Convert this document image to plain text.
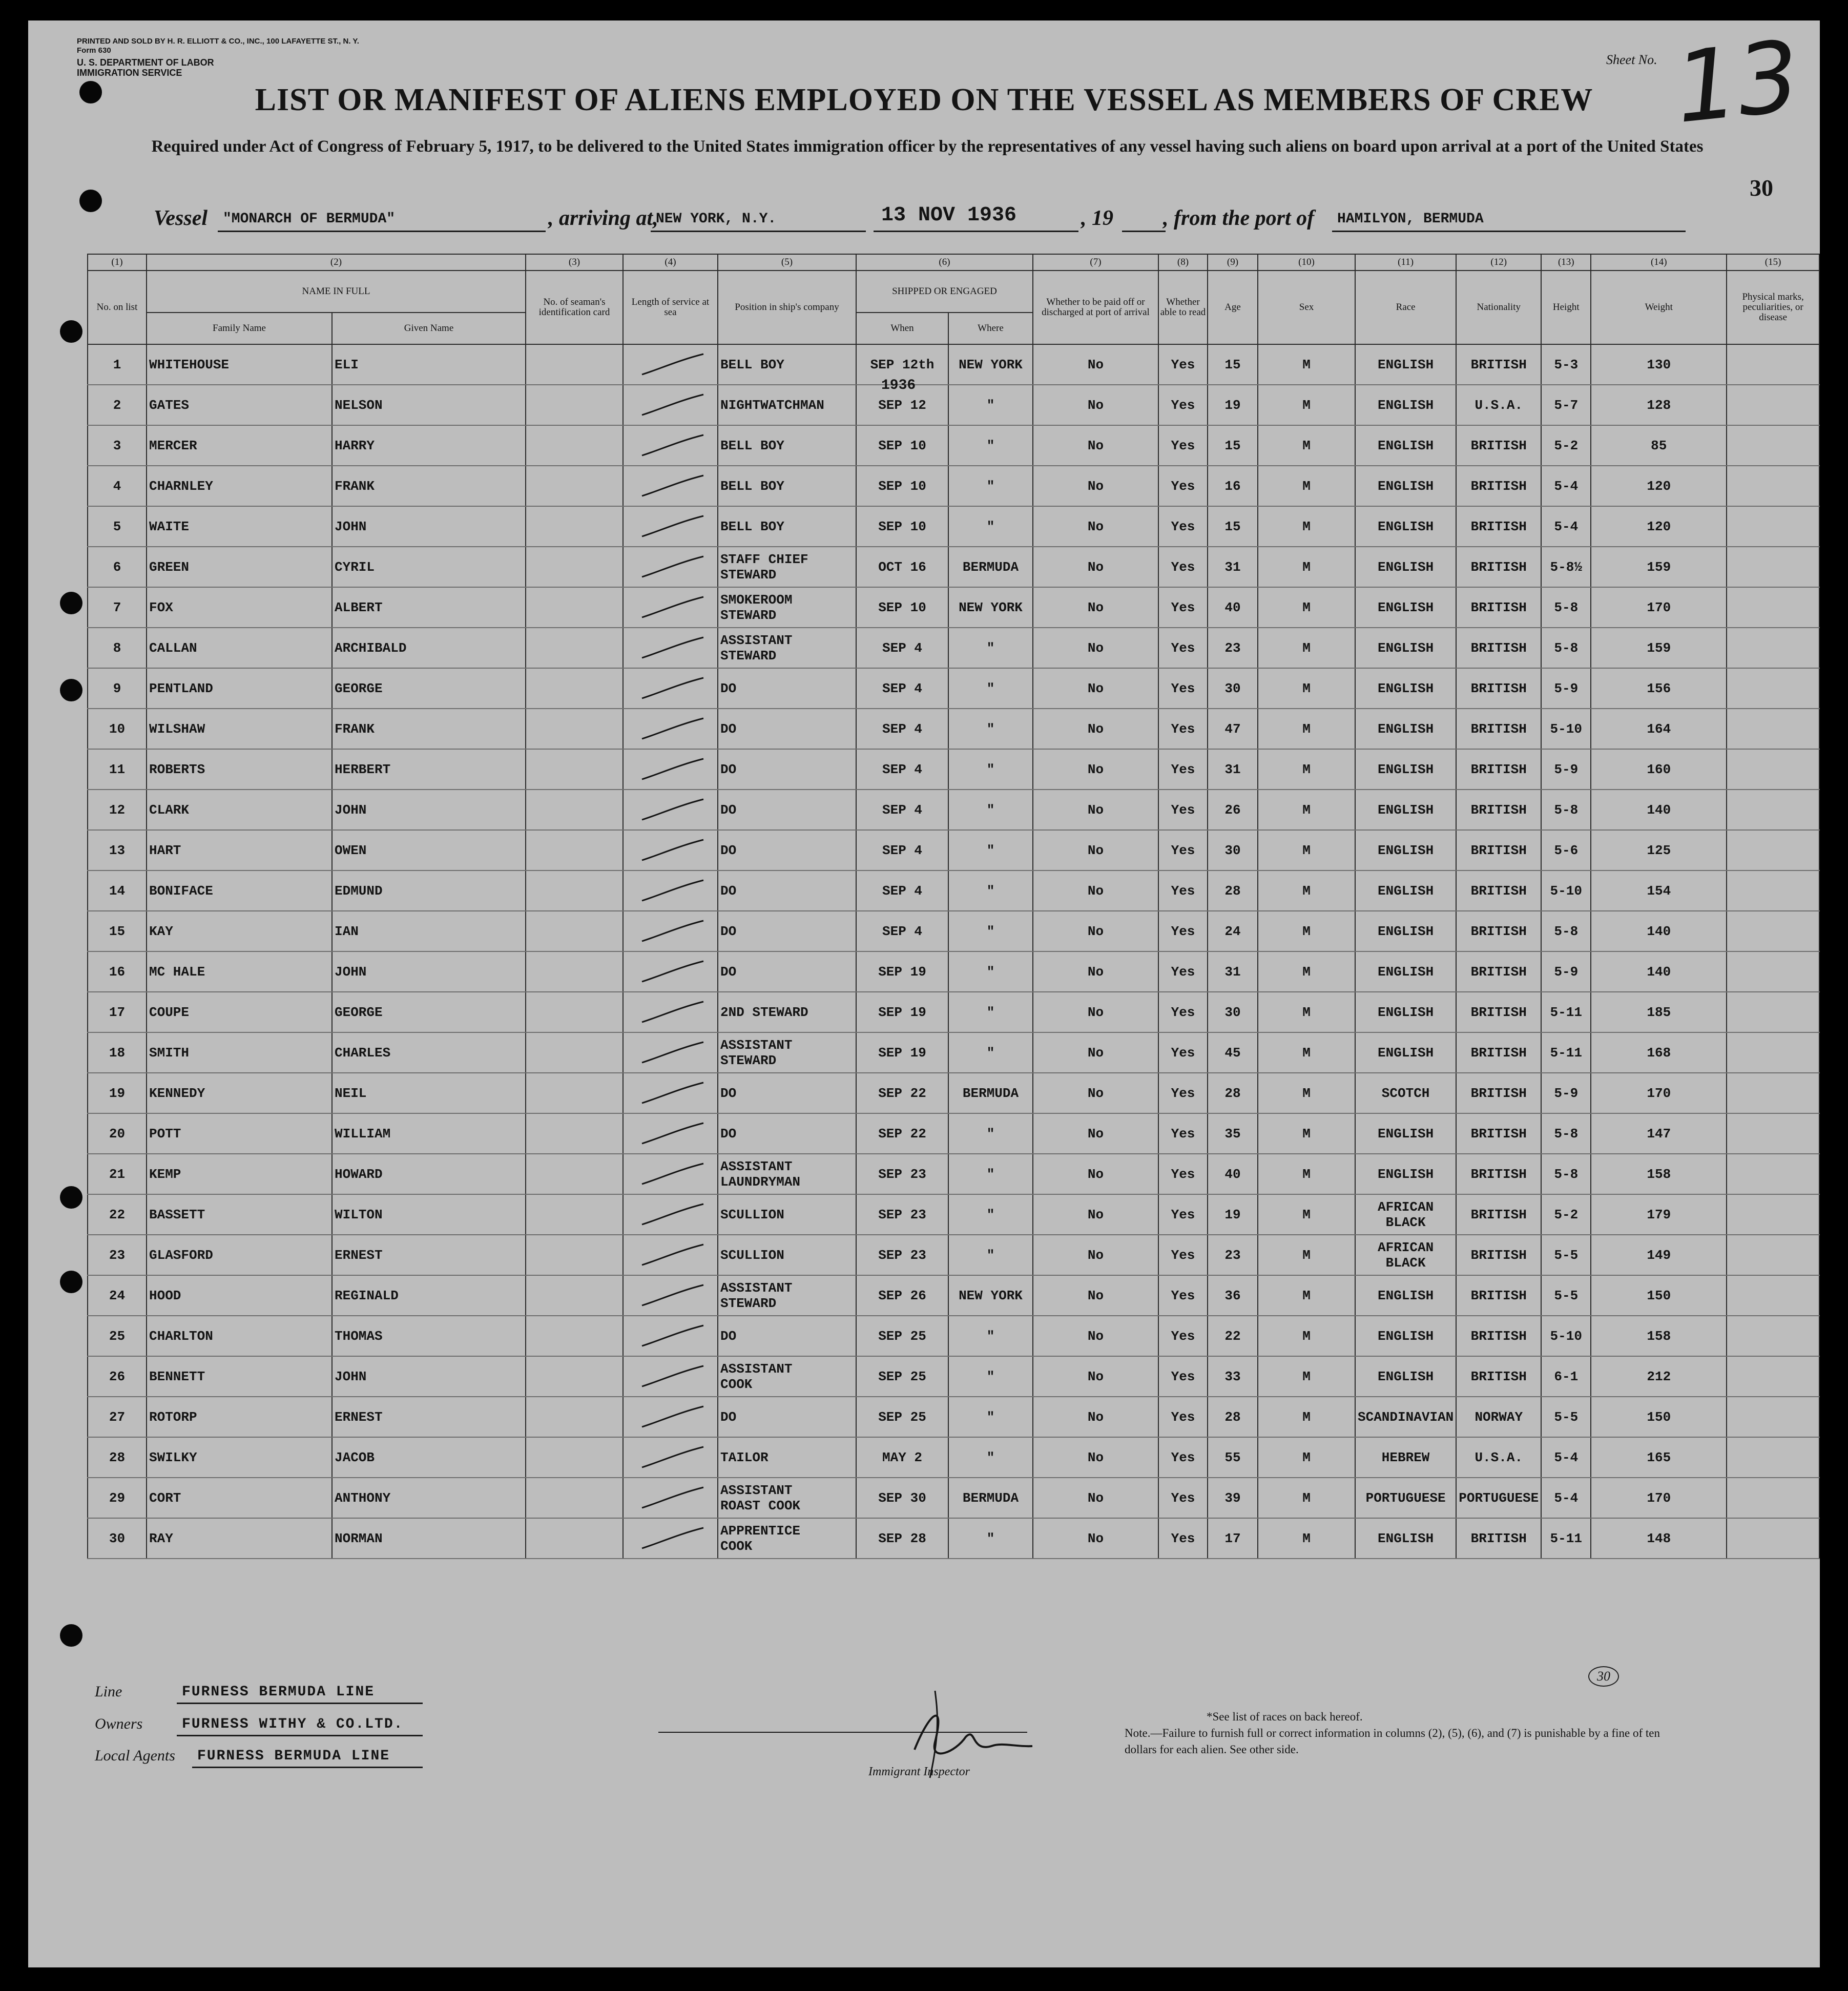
PRINTED AND SOLD BY H. R. ELLIOTT & CO., INC., 100 LAFAYETTE ST., N. Y.
Form 630
U. S. DEPARTMENT OF LABOR
IMMIGRATION SERVICE
Sheet No. 13
30
LIST OR MANIFEST OF ALIENS EMPLOYED ON THE VESSEL AS MEMBERS OF CREW
Required under Act of Congress of February 5, 1917, to be delivered to the United States immigration officer by the representatives of any vessel having such aliens on board upon arrival at a port of the United States
Vessel "MONARCH OF BERMUDA"	, arriving at,
NEW YORK, N.Y.	13 NOV 1936	, 19 , from the port of HAMILYON, BERMUDA
(1)	(2)		(3)	(4)	(5)	(6)		(7)	(8)	(9)	(10)	(11)	(12)	(13)	(14)	(15)
No. on list	NAME IN FULL		No. of seaman's identification card	Length of service at sea	Position in ship's company	SHIPPED OR ENGAGED		Whether to be paid off or discharged at port of arrival	Whether able to read	Age	Sex	Race	Nationality	Height	Weight	Physical marks, peculiarities, or disease
	Family Name	Given Name				When	Where									
1	WHITEHOUSE	ELI			BELL BOY	SEP 12th	NEW YORK	No	Yes	15	M	ENGLISH	BRITISH	5-3	130	
2	GATES	NELSON			NIGHTWATCHMAN	SEP 12	"	No	Yes	19	M	ENGLISH	U.S.A.	5-7	128	
3	MERCER	HARRY			BELL BOY	SEP 10	"	No	Yes	15	M	ENGLISH	BRITISH	5-2	85	
4	CHARNLEY	FRANK			BELL BOY	SEP 10	"	No	Yes	16	M	ENGLISH	BRITISH	5-4	120	
5	WAITE	JOHN			BELL BOY	SEP 10	"	No	Yes	15	M	ENGLISH	BRITISH	5-4	120	
6	GREEN	CYRIL			STAFF CHIEF
STEWARD	OCT 16	BERMUDA	No	Yes	31	M	ENGLISH	BRITISH	5-8½	159	
7	FOX	ALBERT			SMOKEROOM
STEWARD	SEP 10	NEW YORK	No	Yes	40	M	ENGLISH	BRITISH	5-8	170	
8	CALLAN	ARCHIBALD			ASSISTANT
STEWARD	SEP 4	"	No	Yes	23	M	ENGLISH	BRITISH	5-8	159	
9	PENTLAND	GEORGE			DO	SEP 4	"	No	Yes	30	M	ENGLISH	BRITISH	5-9	156	
10	WILSHAW	FRANK			DO	SEP 4	"	No	Yes	47	M	ENGLISH	BRITISH	5-10	164	
11	ROBERTS	HERBERT			DO	SEP 4	"	No	Yes	31	M	ENGLISH	BRITISH	5-9	160	
12	CLARK	JOHN			DO	SEP 4	"	No	Yes	26	M	ENGLISH	BRITISH	5-8	140	
13	HART	OWEN			DO	SEP 4	"	No	Yes	30	M	ENGLISH	BRITISH	5-6	125	
14	BONIFACE	EDMUND			DO	SEP 4	"	No	Yes	28	M	ENGLISH	BRITISH	5-10	154	
15	KAY	IAN			DO	SEP 4	"	No	Yes	24	M	ENGLISH	BRITISH	5-8	140	
16	MC HALE	JOHN			DO	SEP 19	"	No	Yes	31	M	ENGLISH	BRITISH	5-9	140	
17	COUPE	GEORGE			2ND STEWARD	SEP 19	"	No	Yes	30	M	ENGLISH	BRITISH	5-11	185	
18	SMITH	CHARLES			ASSISTANT
STEWARD	SEP 19	"	No	Yes	45	M	ENGLISH	BRITISH	5-11	168	
19	KENNEDY	NEIL			DO	SEP 22	BERMUDA	No	Yes	28	M	SCOTCH	BRITISH	5-9	170	
20	POTT	WILLIAM			DO	SEP 22	"	No	Yes	35	M	ENGLISH	BRITISH	5-8	147	
21	KEMP	HOWARD			ASSISTANT
LAUNDRYMAN	SEP 23	"	No	Yes	40	M	ENGLISH	BRITISH	5-8	158	
22	BASSETT	WILTON			SCULLION	SEP 23	"	No	Yes	19	M	AFRICAN
BLACK	BRITISH	5-2	179	
23	GLASFORD	ERNEST			SCULLION	SEP 23	"	No	Yes	23	M	AFRICAN
BLACK	BRITISH	5-5	149	
24	HOOD	REGINALD			ASSISTANT
STEWARD	SEP 26	NEW YORK	No	Yes	36	M	ENGLISH	BRITISH	5-5	150	
25	CHARLTON	THOMAS			DO	SEP 25	"	No	Yes	22	M	ENGLISH	BRITISH	5-10	158	
26	BENNETT	JOHN			ASSISTANT
COOK	SEP 25	"	No	Yes	33	M	ENGLISH	BRITISH	6-1	212	
27	ROTORP	ERNEST			DO	SEP 25	"	No	Yes	28	M	SCANDINAVIAN	NORWAY	5-5	150	
28	SWILKY	JACOB			TAILOR	MAY 2	"	No	Yes	55	M	HEBREW	U.S.A.	5-4	165	
29	CORT	ANTHONY			ASSISTANT
ROAST COOK	SEP 30	BERMUDA	No	Yes	39	M	PORTUGUESE	PORTUGUESE	5-4	170	
30	RAY	NORMAN			APPRENTICE
COOK	SEP 28	"	No	Yes	17	M	ENGLISH	BRITISH	5-11	148	
1936
Line	FURNESS BERMUDA LINE
Owners	FURNESS WITHY & CO.LTD.
Local Agents FURNESS BERMUDA LINE
Immigrant Inspector
30
*See list of races on back hereof.
Note.—Failure to furnish full or correct information in columns (2), (5), (6), and (7) is punishable by a fine of ten dollars for each alien. See other side.
